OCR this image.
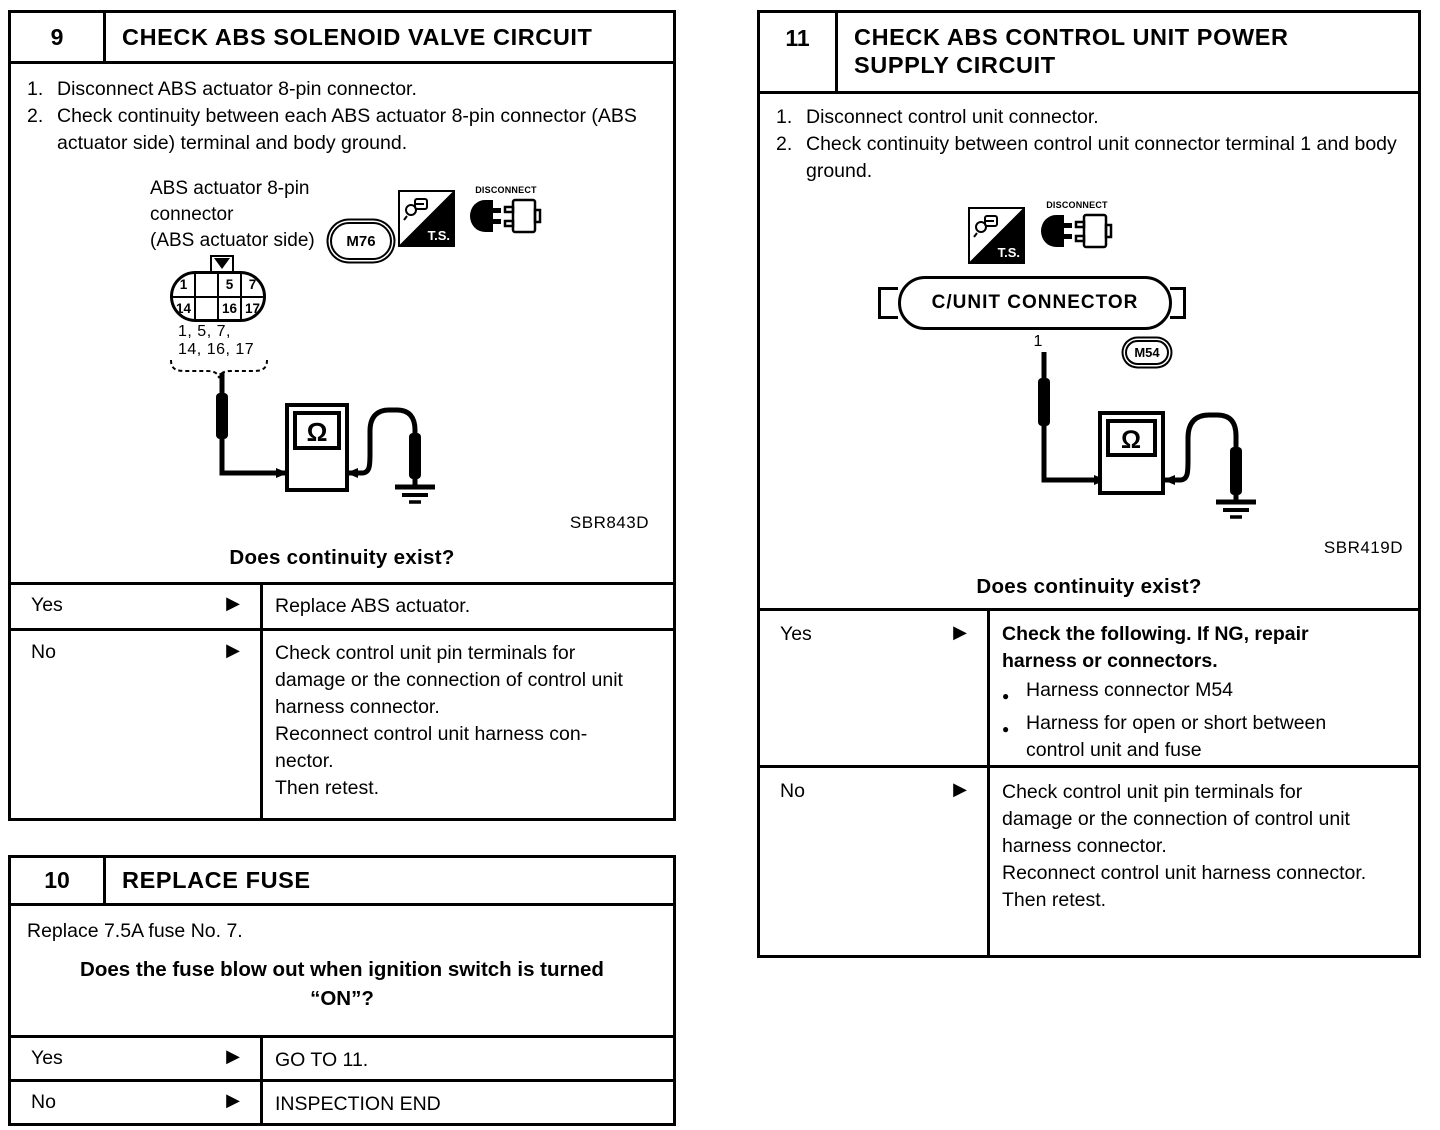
9	CHECK ABS SOLENOID VALVE CIRCUIT
1. Disconnect ABS actuator 8-pin connector.
2. Check continuity between each ABS actuator 8-pin connector (ABS actuator side) terminal and body ground.
ABS actuator 8-pin
connector
(ABS actuator side)	M76	T.S.
DISCONNECT
1	5	7
14	16 17
1, 5, 7,
14, 16, 17
Ω
SBR843D
Does continuity exist?
Yes	▶	Replace ABS actuator.
No	▶ Check control unit pin terminals for damage or the connection of control unit harness connector.
Reconnect control unit harness connector.
Then retest.
10	REPLACE FUSE
Replace 7.5A fuse No. 7.
Does the fuse blow out when ignition switch is turned “ON”?
Yes	▶	GO TO 11.
No	▶	INSPECTION END
11	CHECK ABS CONTROL UNIT POWER SUPPLY CIRCUIT
1. Disconnect control unit connector.
2. Check continuity between control unit connector terminal 1 and body ground.
T.S.
DISCONNECT
C/UNIT CONNECTOR
1
M54
Ω
SBR419D
Does continuity exist?
Yes	▶ Check the following. If NG, repair harness or connectors.
● Harness connector M54
● Harness for open or short between control unit and fuse
No	▶ Check control unit pin terminals for damage or the connection of control unit harness connector.
Reconnect control unit harness connector.
Then retest.
